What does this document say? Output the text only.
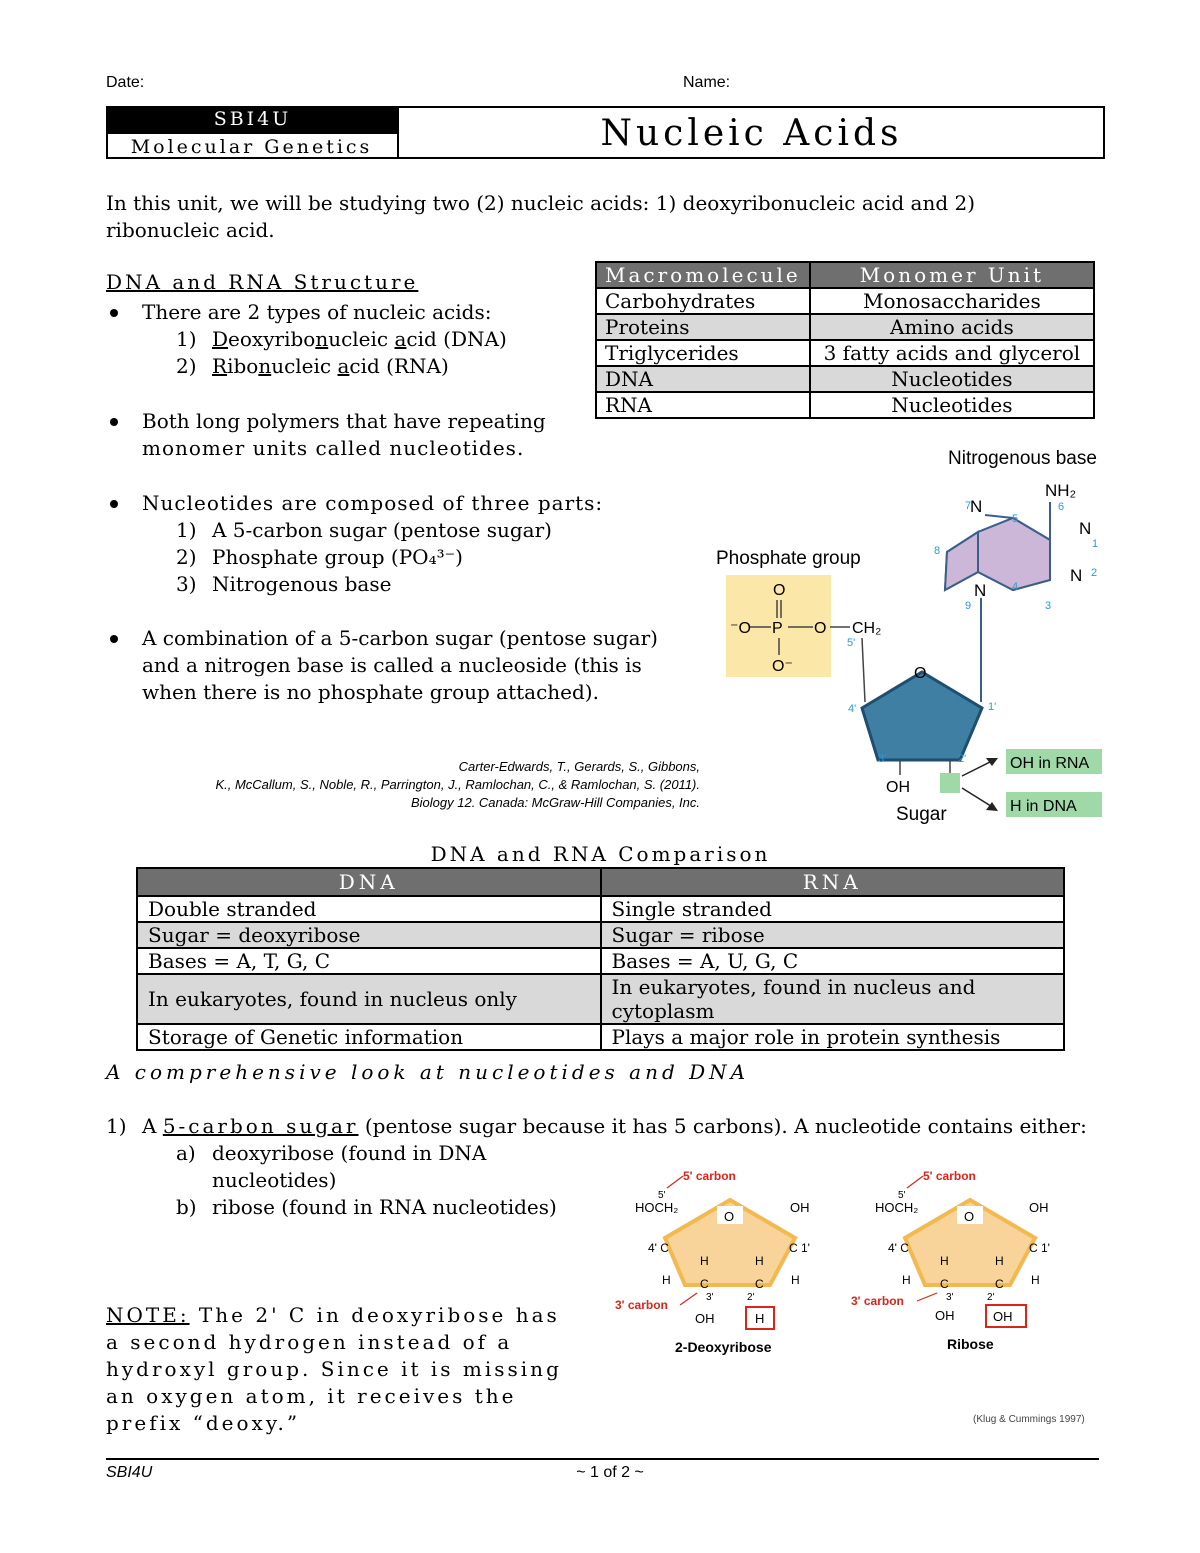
Date:	Name:
SBI4U
Molecular Genetics	Nucleic Acids
In this unit, we will be studying two (2) nucleic acids: 1) deoxyribonucleic acid and 2) ribonucleic acid.
DNA and RNA Structure
There are 2 types of nucleic acids:
1) Deoxyribonucleic acid (DNA)
2) Ribonucleic acid (RNA)
Both long polymers that have repeating
monomer units called nucleotides.
Nucleotides are composed of three parts:
1) A 5-carbon sugar (pentose sugar)
2) Phosphate group (PO₄³⁻)
3) Nitrogenous base
A combination of a 5-carbon sugar (pentose sugar)
and a nitrogen base is called a nucleoside (this is
when there is no phosphate group attached).
Macromolecule	Monomer Unit
Carbohydrates	Monosaccharides
Proteins	Amino acids
Triglycerides	3 fatty acids and glycerol
DNA	Nucleotides
RNA	Nucleotides
Nitrogenous base
N
N
N
N
NH₂
7
5
6
1
8
2
4
9	3
Phosphate group
O
⁻O P O CH₂
O⁻
5'
O
4'	1'
3'	2'
OH
Sugar
OH in RNA
H in DNA
Carter-Edwards, T., Gerards, S., Gibbons,
K., McCallum, S., Noble, R., Parrington, J., Ramlochan, C., & Ramlochan, S. (2011).
Biology 12. Canada: McGraw-Hill Companies, Inc.
DNA and RNA Comparison
DNA	RNA
Double stranded	Single stranded
Sugar = deoxyribose	Sugar = ribose
Bases = A, T, G, C	Bases = A, U, G, C
In eukaryotes, found in nucleus only	In eukaryotes, found in nucleus and cytoplasm
Storage of Genetic information	Plays a major role in protein synthesis
A comprehensive look at nucleotides and DNA
1) A 5-carbon sugar (pentose sugar because it has 5 carbons). A nucleotide contains either:
a) deoxyribose (found in DNA
nucleotides)
b) ribose (found in RNA nucleotides)
NOTE: The 2' C in deoxyribose has a second hydrogen instead of a hydroxyl group. Since it is missing an oxygen atom, it receives the prefix “deoxy.”
5' carbon
5'
HOCH₂
O
OH
4' C	C 1'
H	H
H	H
C	C
3'	2'
3' carbon
OH	H
2-Deoxyribose
5' carbon
5'
HOCH₂
O
OH
4' C	C 1'
H	H
H	H
C	C
3'	2'
3' carbon
OH	OH
Ribose
(Klug & Cummings 1997)
SBI4U	~ 1 of 2 ~
